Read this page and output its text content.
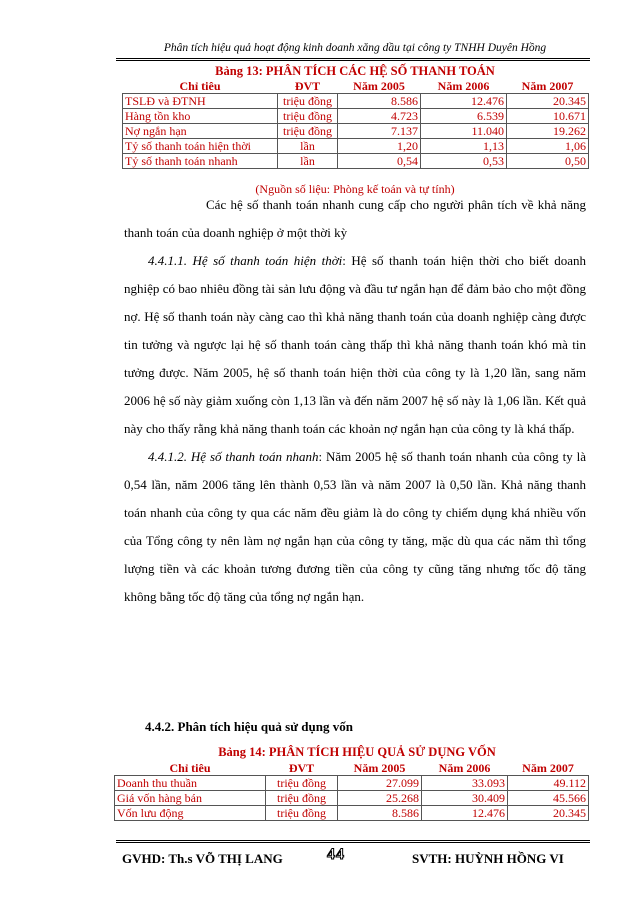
Phân tích hiệu quả hoạt động kinh doanh xăng dầu tại công ty TNHH Duyên Hồng
Bảng 13: PHÂN TÍCH CÁC HỆ SỐ THANH TOÁN
Chỉ tiêu	ĐVT	Năm 2005	Năm 2006	Năm 2007
TSLĐ và ĐTNH	triệu đồng	8.586	12.476	20.345
Hàng tồn kho	triệu đồng	4.723	6.539	10.671
Nợ ngắn hạn	triệu đồng	7.137	11.040	19.262
Tỷ số thanh toán hiện thời	lần	1,20	1,13	1,06
Tỷ số thanh toán nhanh	lần	0,54	0,53	0,50
(Nguồn số liệu: Phòng kế toán và tự tính)
Các hệ số thanh toán nhanh cung cấp cho người phân tích về khả năng thanh toán của doanh nghiệp ở một thời kỳ
4.4.1.1. Hệ số thanh toán hiện thời: Hệ số thanh toán hiện thời cho biết doanh nghiệp có bao nhiêu đồng tài sản lưu động và đầu tư ngắn hạn để đảm bảo cho một đồng nợ. Hệ số thanh toán này càng cao thì khả năng thanh toán của doanh nghiệp càng được tin tưởng và ngược lại hệ số thanh toán càng thấp thì khả năng thanh toán khó mà tin tưởng được. Năm 2005, hệ số thanh toán hiện thời của công ty là 1,20 lần, sang năm 2006 hệ số này giảm xuống còn 1,13 lần và đến năm 2007 hệ số này là 1,06 lần. Kết quả này cho thấy rằng khả năng thanh toán các khoản nợ ngắn hạn của công ty là khá thấp.
4.4.1.2. Hệ số thanh toán nhanh: Năm 2005 hệ số thanh toán nhanh của công ty là 0,54 lần, năm 2006 tăng lên thành 0,53 lần và năm 2007 là 0,50 lần. Khả năng thanh toán nhanh của công ty qua các năm đều giảm là do công ty chiếm dụng khá nhiều vốn của Tổng công ty nên làm nợ ngắn hạn của công ty tăng, mặc dù qua các năm thì tổng lượng tiền và các khoản tương đương tiền của công ty cũng tăng nhưng tốc độ tăng không bằng tốc độ tăng của tổng nợ ngắn hạn.
4.4.2. Phân tích hiệu quả sử dụng vốn
Bảng 14: PHÂN TÍCH HIỆU QUẢ SỬ DỤNG VỐN
Chỉ tiêu	ĐVT	Năm 2005	Năm 2006	Năm 2007
Doanh thu thuần	triệu đồng	27.099	33.093	49.112
Giá vốn hàng bán	triệu đồng	25.268	30.409	45.566
Vốn lưu động	triệu đồng	8.586	12.476	20.345
GVHD: Th.s VÕ THỊ LANG	44	SVTH: HUỲNH HỒNG VI
